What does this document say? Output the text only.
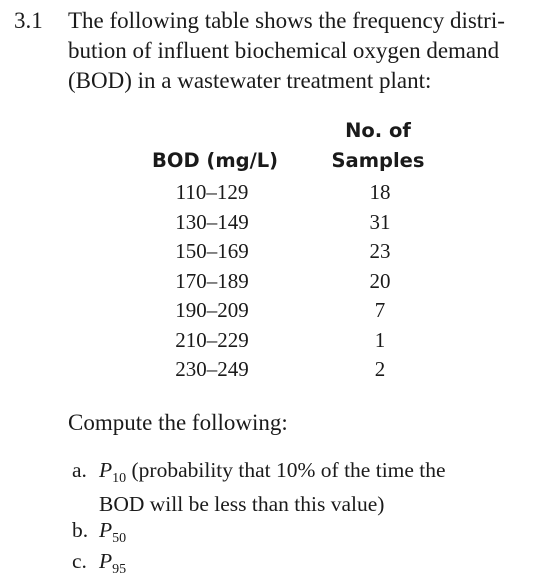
3.1 The following table shows the frequency distri-
bution of influent biochemical oxygen demand
(BOD) in a wastewater treatment plant:
BOD (mg/L)
No. of
Samples
110–129
130–149
150–169
170–189
190–209
210–229
230–249
18
31
23
20
7
1
2
Compute the following:
a. $P_{10}$ (probability that 10% of the time the
BOD will be less than this value)
b. $P_{50}$
c. $P_{95}$
